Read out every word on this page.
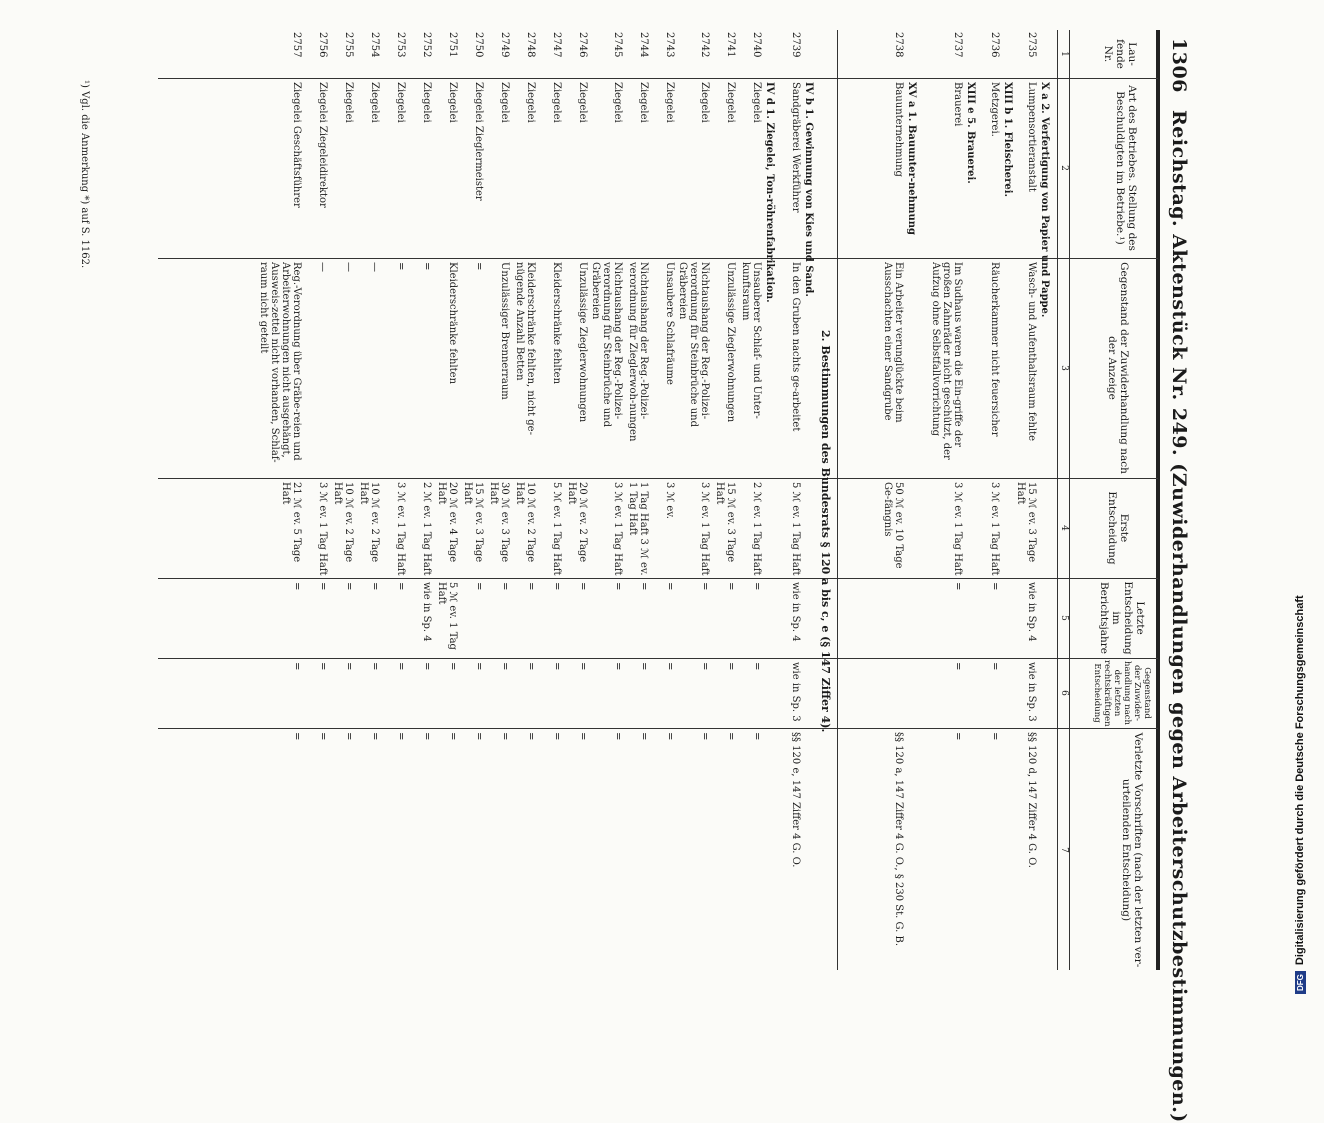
1306
Reichstag. Aktenstück Nr. 249. (Zuwiderhandlungen gegen Arbeiterschutzbestimmungen.)
Lau-fende Nr.
Art des Betriebes. Stellung des Beschuldigten im Betriebe.¹)
Gegenstand der Zuwiderhandlung nach der Anzeige
Erste Entscheidung
Letzte Entscheidung im Berichtsjahre
Gegenstand der Zuwider-handlung nach der letzten rechtskräftigen Entscheidung
Verletzte Vorschriften (nach der letzten ver-urteilenden Entscheidung)
1
2
3
4
5
6
7
X a 2. Verfertigung von Papier und Pappe.
2735
Lumpensortieranstalt
Wasch- und Aufenthaltsraum fehlte
15 ℳ ev. 3 Tage Haft
wie in Sp. 4
wie in Sp. 3
§§ 120 d, 147 Ziffer 4 G. O.
XIII b 1. Fleischerei.
2736
Metzgerei.
Räucherkammer nicht feuersicher
3 ℳ ev. 1 Tag Haft
=
=
=
XIII e 5. Brauerei.
2737
Brauerei
Im Sudhaus waren die Ein-griffe der großen Zahnräder nicht geschützt, der Aufzug ohne Selbstfallvorrichtung
3 ℳ ev. 1 Tag Haft
=
=
=
XV a 1. Bauunter-nehmung
2738
Bauunternehmung
Ein Arbeiter verunglückte beim Ausschachten einer Sandgrube
50 ℳ ev. 10 Tage Ge-fängnis
§§ 120 a, 147 Ziffer 4 G. O., § 230 St. G. B.
2. Bestimmungen des Bundesrats § 120 a bis c, e (§ 147 Ziffer 4).
IV b 1. Gewinnung von Kies und Sand.
2739
Sandgräberei Werkführer
In den Gruben nachts ge-arbeitet
5 ℳ ev. 1 Tag Haft
wie in Sp. 4
wie in Sp. 3
§§ 120 e, 147 Ziffer 4 G. O.
IV d 1. Ziegelei, Ton-röhrenfabrikation.
2740
Ziegelei
Unsauberer Schlaf- und Unter-kunftsraum
2 ℳ ev. 1 Tag Haft
=
=
=
2741
Ziegelei
Unzulässige Zieglerwohnungen
15 ℳ ev. 3 Tage Haft
=
=
=
2742
Ziegelei
Nichtaushang der Reg.-Polizei-verordnung für Steinbrüche und Gräbereien
3 ℳ ev. 1 Tag Haft
=
=
=
2743
Ziegelei
Unsaubere Schlafräume
3 ℳ ev.
=
=
=
2744
Ziegelei
Nichtaushang der Reg.-Polizei-verordnung für Zieglerwoh-nungen
1 Tag Haft 3 ℳ ev. 1 Tag Haft
=
=
=
2745
Ziegelei
Nichtaushang der Reg.-Polizei-verordnung für Steinbrüche und Gräbereien
3 ℳ ev. 1 Tag Haft
=
=
=
2746
Ziegelei
Unzulässige Zieglerwohnungen
20 ℳ ev. 2 Tage Haft
=
=
=
2747
Ziegelei
Kleiderschränke fehlten
5 ℳ ev. 1 Tag Haft
=
=
=
2748
Ziegelei
Kleiderschränke fehlten, nicht ge-nügende Anzahl Betten
10 ℳ ev. 2 Tage Haft
=
=
=
2749
Ziegelei
Unzulässiger Brennerraum
30 ℳ ev. 3 Tage Haft
=
=
=
2750
Ziegelei Zieglermeister
=
15 ℳ ev. 3 Tage Haft
=
=
=
2751
Ziegelei
Kleiderschränke fehlten
20 ℳ ev. 4 Tage Haft
5 ℳ ev. 1 Tag Haft
=
=
2752
Ziegelei
=
2 ℳ ev. 1 Tag Haft
wie in Sp. 4
=
=
2753
Ziegelei
=
3 ℳ ev. 1 Tag Haft
=
=
=
2754
Ziegelei
—
10 ℳ ev. 2 Tage Haft
=
=
=
2755
Ziegelei
—
10 ℳ ev. 2 Tage Haft
=
=
=
2756
Ziegelei Ziegeleidirektor
—
3 ℳ ev. 1 Tag Haft
=
=
=
2757
Ziegelei Geschäftsführer
Reg.-Verordnung über Gräbe-reien und Arbeiterwohnungen nicht ausgehängt, Ausweis-zettel nicht vorhanden, Schlaf-raum nicht geteilt
21 ℳ ev. 5 Tage Haft
=
=
=
¹) Vgl. die Anmerkung *) auf S. 1162.
DFG
Digitalisierung gefördert durch die Deutsche Forschungsgemeinschaft
